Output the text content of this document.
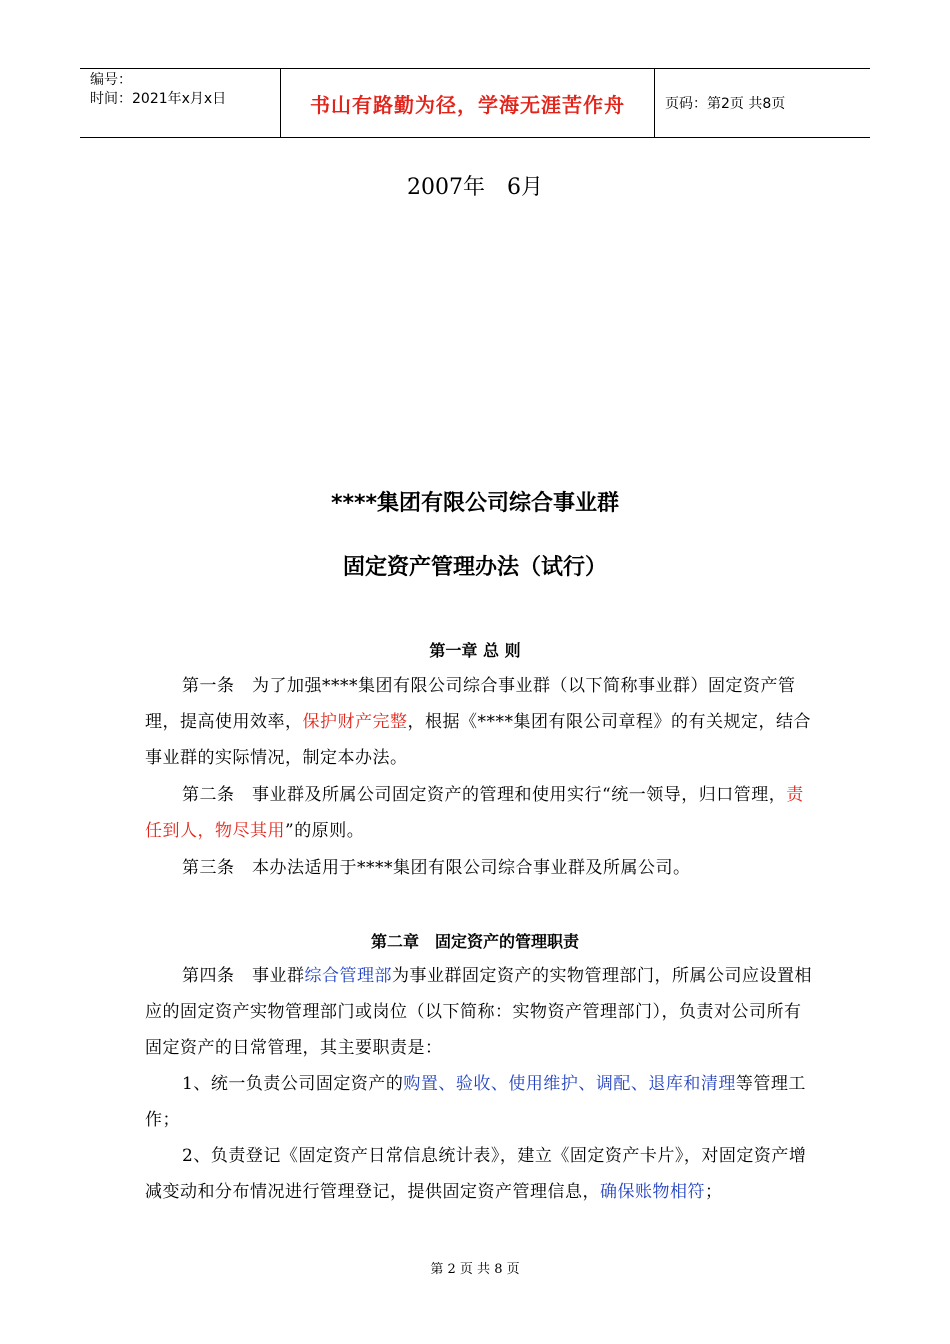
编号：
时间：2021年x月x日	书山有路勤为径，学海无涯苦作舟	页码：第2页 共8页
2007年　6月
****集团有限公司综合事业群
固定资产管理办法（试行）
第一章 总 则

第一条　为了加强****集团有限公司综合事业群（以下简称事业群）固定资产管理，提高使用效率，保护财产完整，根据《****集团有限公司章程》的有关规定，结合事业群的实际情况，制定本办法。

第二条　事业群及所属公司固定资产的管理和使用实行“统一领导，归口管理，责任到人，物尽其用”的原则。

第三条　本办法适用于****集团有限公司综合事业群及所属公司。

第二章　固定资产的管理职责

第四条　事业群综合管理部为事业群固定资产的实物管理部门，所属公司应设置相应的固定资产实物管理部门或岗位（以下简称：实物资产管理部门），负责对公司所有固定资产的日常管理，其主要职责是：

1、统一负责公司固定资产的购置、验收、使用维护、调配、退库和清理等管理工作；

2、负责登记《固定资产日常信息统计表》，建立《固定资产卡片》，对固定资产增减变动和分布情况进行管理登记，提供固定资产管理信息，确保账物相符；

第 2 页 共 8 页
